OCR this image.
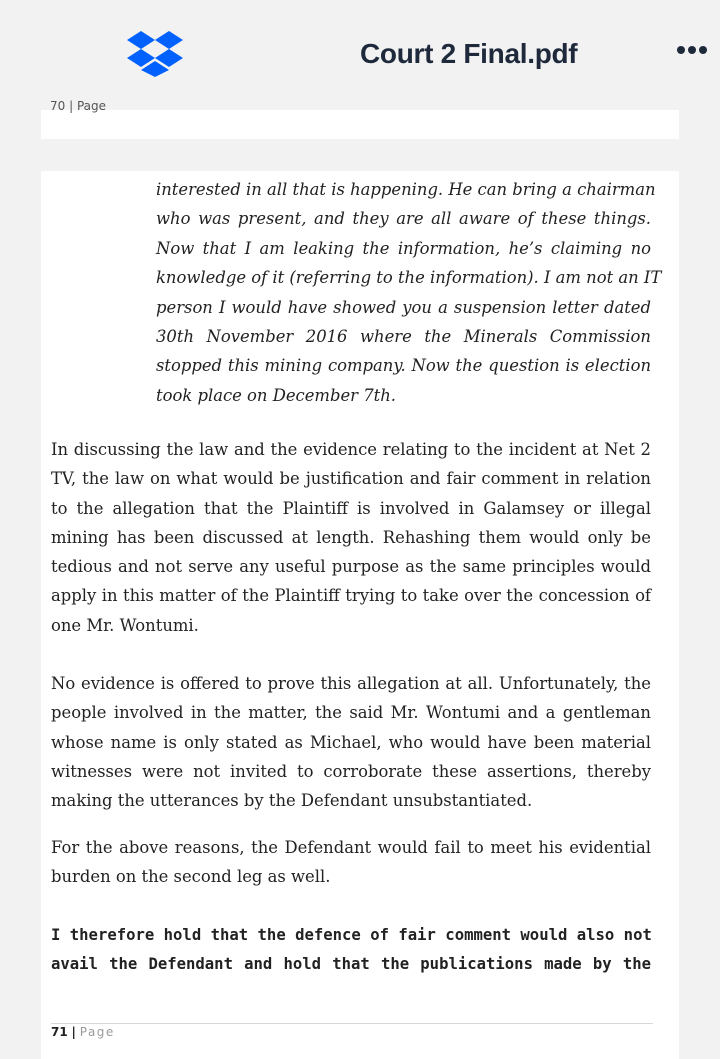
Court 2 Final.pdf
70 | Page
interested in all that is happening. He can bring a chairman
who was present, and they are all aware of these things.
Now that I am leaking the information, he’s claiming no
knowledge of it (referring to the information). I am not an IT
person I would have showed you a suspension letter dated
30th November 2016 where the Minerals Commission
stopped this mining company. Now the question is election
took place on December 7th.
In discussing the law and the evidence relating to the incident at Net 2
TV, the law on what would be justification and fair comment in relation
to the allegation that the Plaintiff is involved in Galamsey or illegal
mining has been discussed at length. Rehashing them would only be
tedious and not serve any useful purpose as the same principles would
apply in this matter of the Plaintiff trying to take over the concession of
one Mr. Wontumi.
No evidence is offered to prove this allegation at all. Unfortunately, the
people involved in the matter, the said Mr. Wontumi and a gentleman
whose name is only stated as Michael, who would have been material
witnesses were not invited to corroborate these assertions, thereby
making the utterances by the Defendant unsubstantiated.
For the above reasons, the Defendant would fail to meet his evidential
burden on the second leg as well.
I therefore hold that the defence of fair comment would also not
avail the Defendant and hold that the publications made by the
71 | Page
